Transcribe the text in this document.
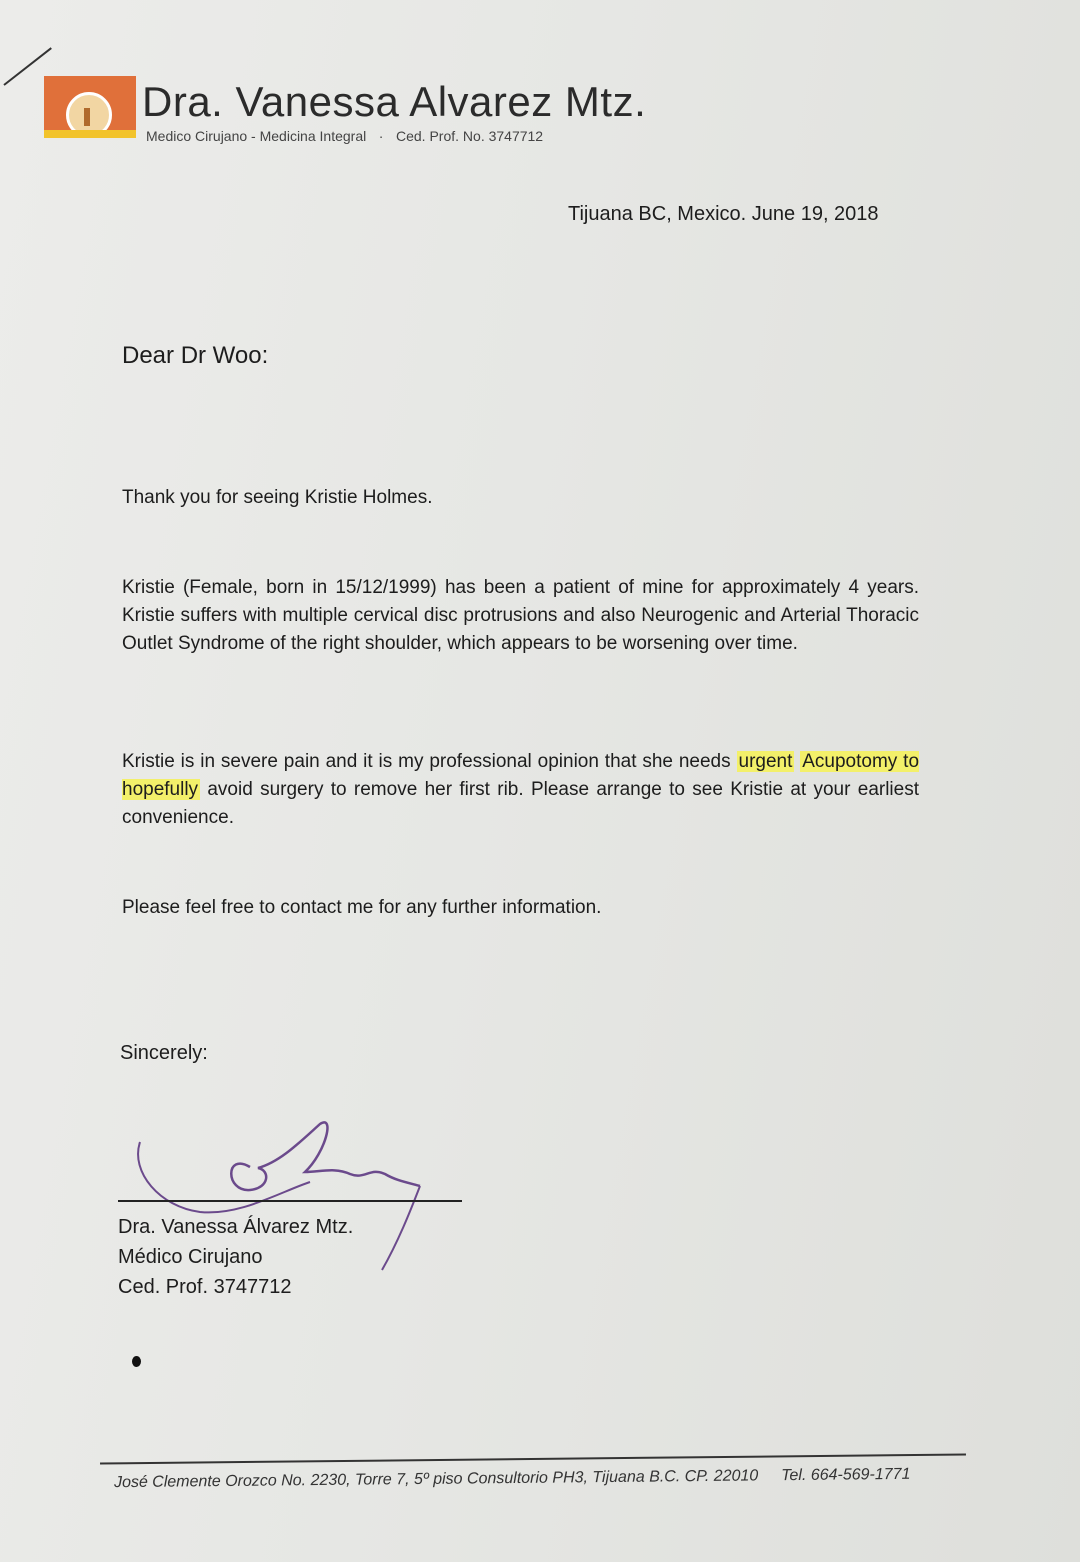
Dra. Vanessa Alvarez Mtz.
Medico Cirujano - Medicina Integral · Ced. Prof. No. 3747712
Tijuana BC, Mexico. June 19, 2018
Dear Dr Woo:
Thank you for seeing Kristie Holmes.
Kristie (Female, born in 15/12/1999) has been a patient of mine for approximately 4 years. Kristie suffers with multiple cervical disc protrusions and also Neurogenic and Arterial Thoracic Outlet Syndrome of the right shoulder, which appears to be worsening over time.
Kristie is in severe pain and it is my professional opinion that she needs urgent Acupotomy to hopefully avoid surgery to remove her first rib. Please arrange to see Kristie at your earliest convenience.
Please feel free to contact me for any further information.
Sincerely:
Dra. Vanessa Álvarez Mtz.
Médico Cirujano
Ced. Prof. 3747712
José Clemente Orozco No. 2230, Torre 7, 5º piso Consultorio PH3, Tijuana B.C. CP. 22010 Tel. 664-569-1771
